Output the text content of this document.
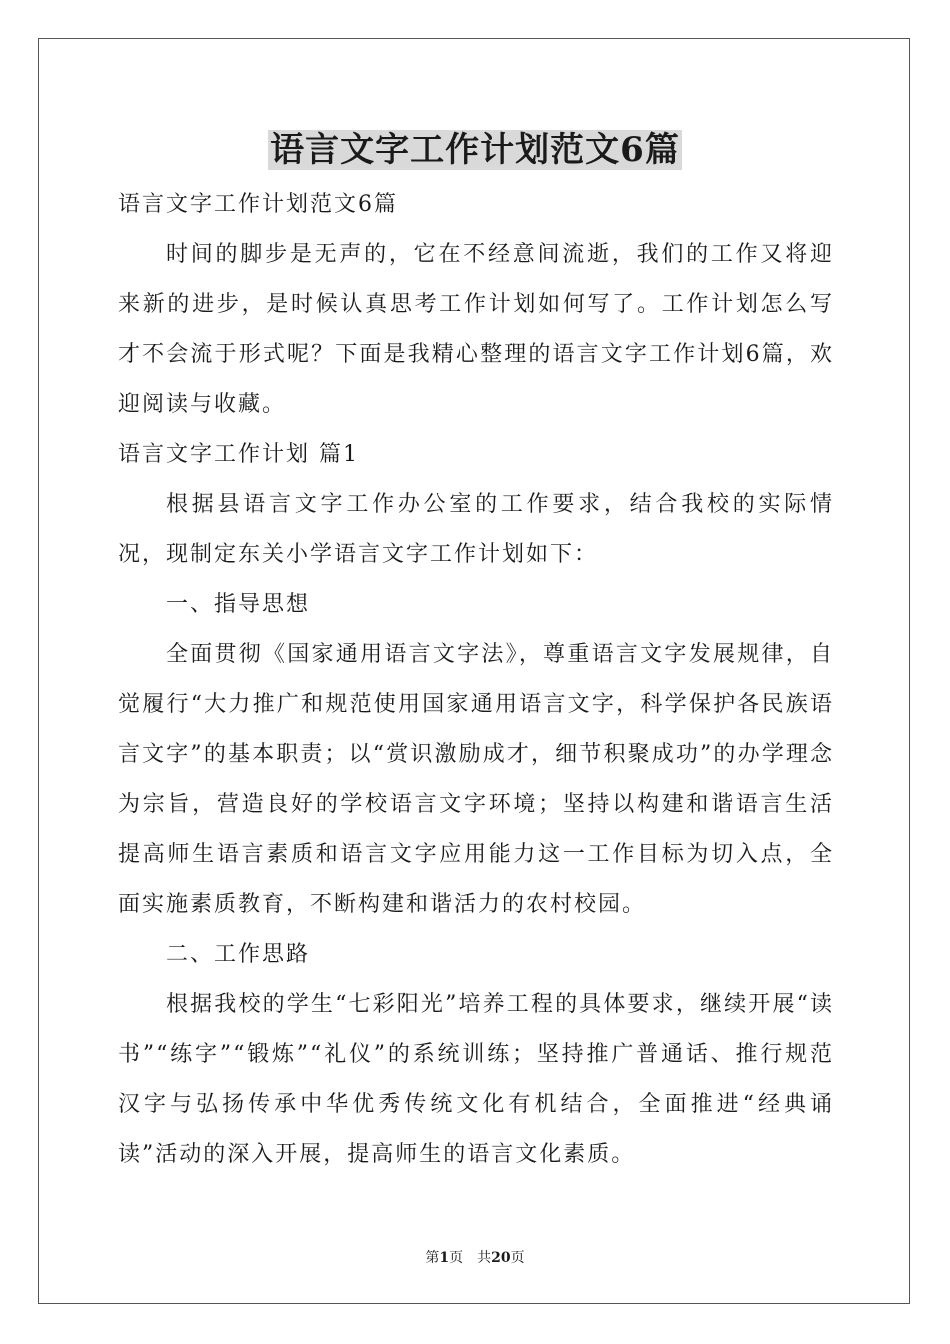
语言文字工作计划范文6篇

语言文字工作计划范文6篇

时间的脚步是无声的，它在不经意间流逝，我们的工作又将迎来新的进步，是时候认真思考工作计划如何写了。工作计划怎么写才不会流于形式呢？下面是我精心整理的语言文字工作计划6篇，欢迎阅读与收藏。

语言文字工作计划 篇1

根据县语言文字工作办公室的工作要求，结合我校的实际情况，现制定东关小学语言文字工作计划如下：

一、指导思想

全面贯彻《国家通用语言文字法》，尊重语言文字发展规律，自觉履行“大力推广和规范使用国家通用语言文字，科学保护各民族语言文字”的基本职责；以“赏识激励成才，细节积聚成功”的办学理念为宗旨，营造良好的学校语言文字环境；坚持以构建和谐语言生活提高师生语言素质和语言文字应用能力这一工作目标为切入点，全面实施素质教育，不断构建和谐活力的农村校园。

二、工作思路

根据我校的学生“七彩阳光”培养工程的具体要求，继续开展“读书”“练字”“锻炼”“礼仪”的系统训练；坚持推广普通话、推行规范汉字与弘扬传承中华优秀传统文化有机结合，全面推进“经典诵读”活动的深入开展，提高师生的语言文化素质。

第1页　共20页
